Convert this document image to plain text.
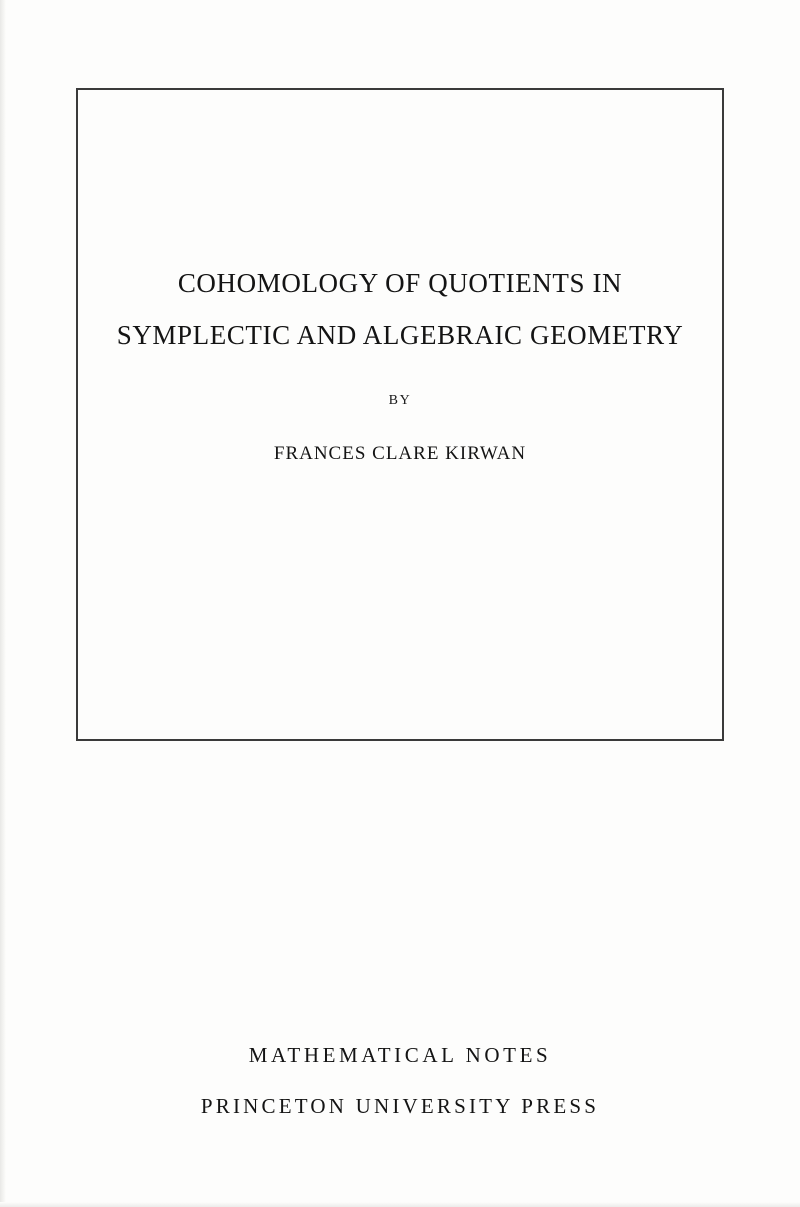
COHOMOLOGY OF QUOTIENTS IN
SYMPLECTIC AND ALGEBRAIC GEOMETRY
BY
FRANCES CLARE KIRWAN
MATHEMATICAL NOTES
PRINCETON UNIVERSITY PRESS
